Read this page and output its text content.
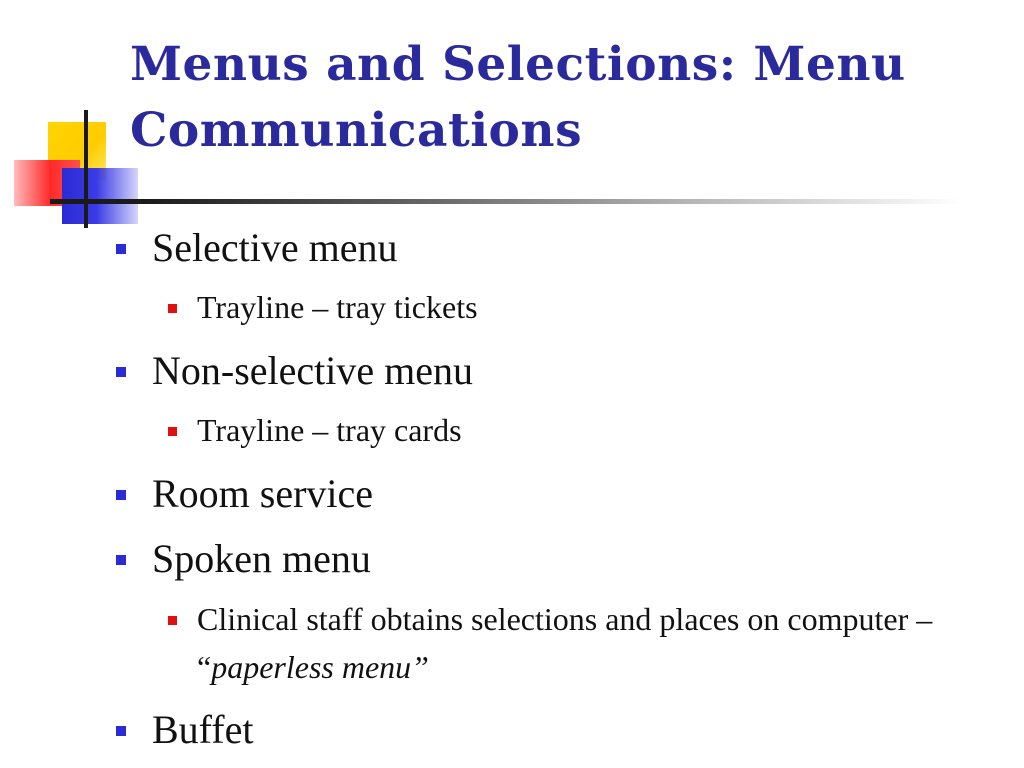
Menus and Selections: Menu Communications
Selective menu
Trayline – tray tickets
Non-selective menu
Trayline – tray cards
Room service
Spoken menu
Clinical staff obtains selections and places on computer – “paperless menu”
Buffet
